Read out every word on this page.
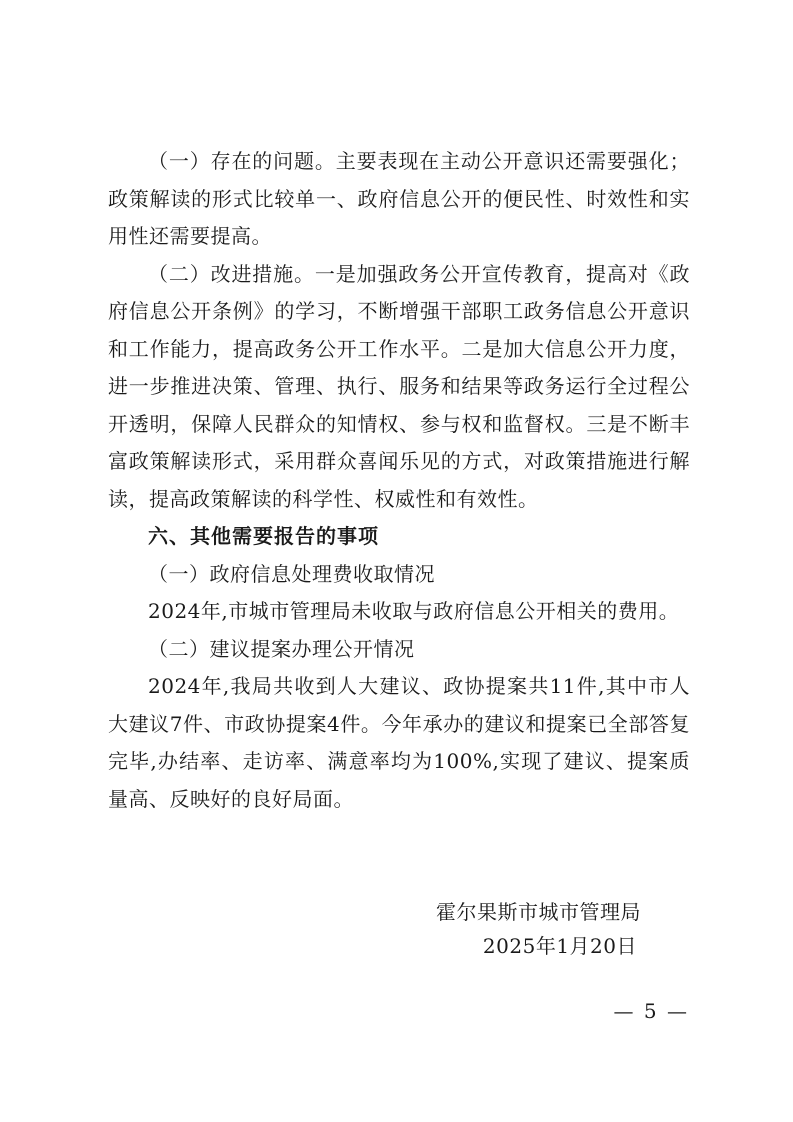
（一）存在的问题。主要表现在主动公开意识还需要强化；政策解读的形式比较单一、政府信息公开的便民性、时效性和实用性还需要提高。

（二）改进措施。一是加强政务公开宣传教育，提高对《政府信息公开条例》的学习，不断增强干部职工政务信息公开意识和工作能力，提高政务公开工作水平。二是加大信息公开力度，进一步推进决策、管理、执行、服务和结果等政务运行全过程公开透明，保障人民群众的知情权、参与权和监督权。三是不断丰富政策解读形式，采用群众喜闻乐见的方式，对政策措施进行解读，提高政策解读的科学性、权威性和有效性。

六、其他需要报告的事项

（一）政府信息处理费收取情况

2024年,市城市管理局未收取与政府信息公开相关的费用。

（二）建议提案办理公开情况

2024年,我局共收到人大建议、政协提案共11件,其中市人大建议7件、市政协提案4件。今年承办的建议和提案已全部答复完毕,办结率、走访率、满意率均为100%,实现了建议、提案质量高、反映好的良好局面。

霍尔果斯市城市管理局
2025年1月20日
— 5 —
